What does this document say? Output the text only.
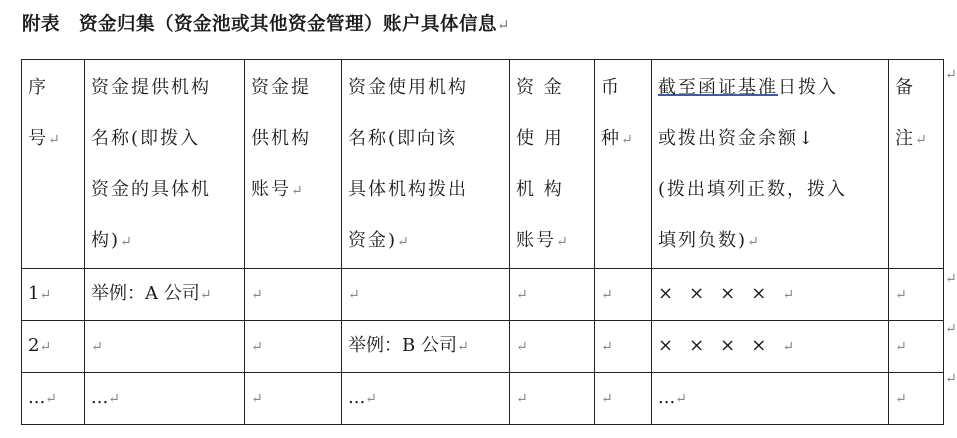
附表　资金归集（资金池或其他资金管理）账户具体信息↵
序
号↵	资金提供机构
名称(即拨入
资金的具体机
构)↵	资金提
供机构
账号↵	资金使用机构
名称(即向该
具体机构拨出
资金)↵	资 金
使 用
机 构
账号↵	币
种↵	截至函证基准日拨入
或拨出资金余额↓
(拨出填列正数，拨入
填列负数)↵	备
注↵
1↵	举例：A 公司↵	↵	↵	↵	↵	××××↵	↵
2↵	↵	↵	举例：B 公司↵	↵	↵	××××↵	↵
...↵	...↵	↵	...↵	↵	↵	...↵	↵
↵
↵
↵
↵
